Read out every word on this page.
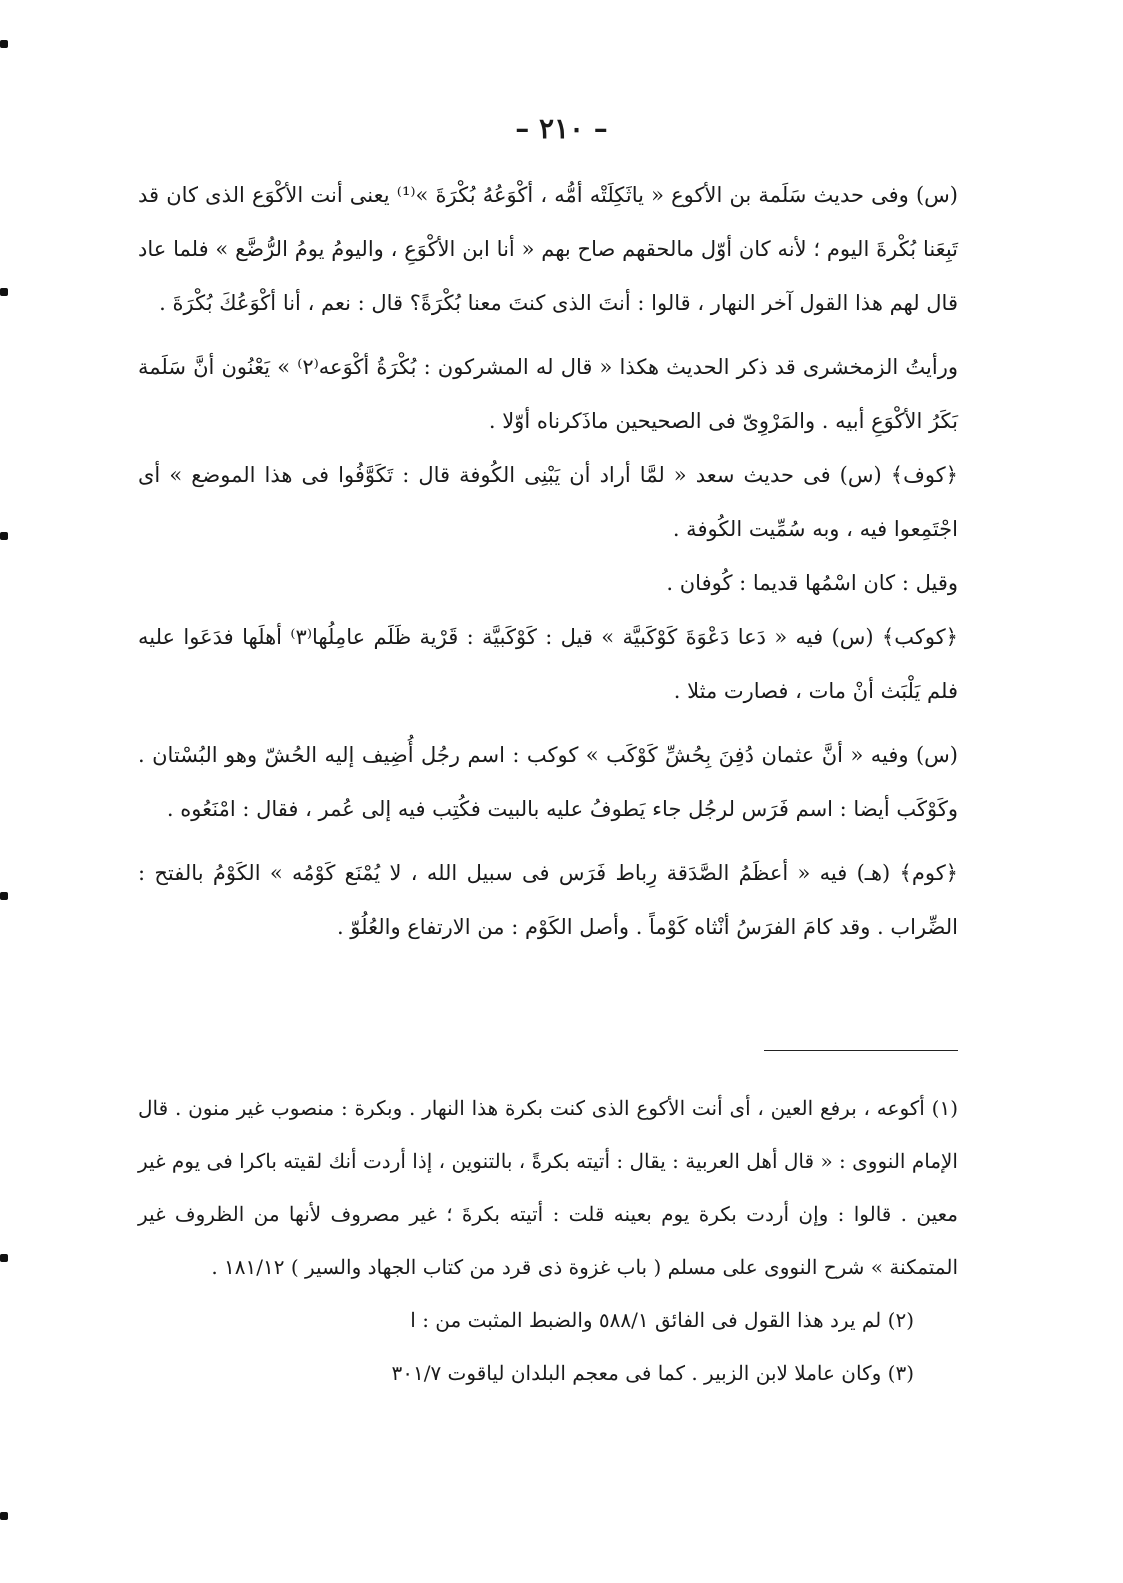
– ٢١٠ –

(س) وفى حديث سَلَمة بن الأكوع « ياثَكِلَتْه أمُّه ، أكْوَعُهُ بُكْرَةَ »⁽¹⁾ يعنى أنت الأكْوَع الذى كان قد تَبِعَنا بُكْرةَ اليوم ؛ لأنه كان أوّل مالحقهم صاح بهم « أنا ابن الأكْوَعِ ، واليومُ يومُ الرُّضَّع » فلما عاد قال لهم هذا القول آخر النهار ، قالوا : أنتَ الذى كنتَ معنا بُكْرَةً؟ قال : نعم ، أنا أكْوَعُكَ بُكْرَةَ .

ورأيتُ الزمخشرى قد ذكر الحديث هكذا « قال له المشركون : بُكْرَةُ أكْوَعه⁽٢⁾ » يَعْنُون أنَّ سَلَمة بَكَرُ الأكْوَعِ أبيه . والمَرْوِىّ فى الصحيحين ماذَكرناه أوّلا .

﴿كوف﴾ (س) فى حديث سعد « لمَّا أراد أن يَبْنِى الكُوفة قال : تَكَوَّفُوا فى هذا الموضع » أى اجْتَمِعوا فيه ، وبه سُمِّيت الكُوفة .

وقيل : كان اسْمُها قديما : كُوفان .

﴿كوكب﴾ (س) فيه « دَعا دَعْوَةَ كَوْكَبيَّة » قيل : كَوْكَبيَّة : قَرْية ظَلَم عامِلُها⁽٣⁾ أهلَها فدَعَوا عليه فلم يَلْبَث أنْ مات ، فصارت مثلا .

(س) وفيه « أنَّ عثمان دُفِنَ بِحُشِّ كَوْكَب » كوكب : اسم رجُل أُضِيف إليه الحُشّ وهو البُسْتان . وكَوْكَب أيضا : اسم فَرَس لرجُل جاء يَطوفُ عليه بالبيت فكُتِب فيه إلى عُمر ، فقال : امْنَعُوه .

﴿كوم﴾ (هـ) فيه « أعظَمُ الصَّدَقة رِباط فَرَس فى سبيل الله ، لا يُمْنَع كَوْمُه » الكَوْمُ بالفتح : الضِّراب . وقد كامَ الفرَسُ أنْثاه كَوْماً . وأصل الكَوْم : من الارتفاع والعُلُوّ .

(١) أكوعه ، برفع العين ، أى أنت الأكوع الذى كنت بكرة هذا النهار . وبكرة : منصوب غير منون . قال الإمام النووى : « قال أهل العربية : يقال : أتيته بكرةً ، بالتنوين ، إذا أردت أنك لقيته باكرا فى يوم غير معين . قالوا : وإن أردت بكرة يوم بعينه قلت : أتيته بكرةَ ؛ غير مصروف لأنها من الظروف غير المتمكنة » شرح النووى على مسلم ( باب غزوة ذى قرد من كتاب الجهاد والسير ) ١٨١/١٢ .

(٢) لم يرد هذا القول فى الفائق ٥٨٨/١ والضبط المثبت من : ا

(٣) وكان عاملا لابن الزبير . كما فى معجم البلدان لياقوت ٣٠١/٧
